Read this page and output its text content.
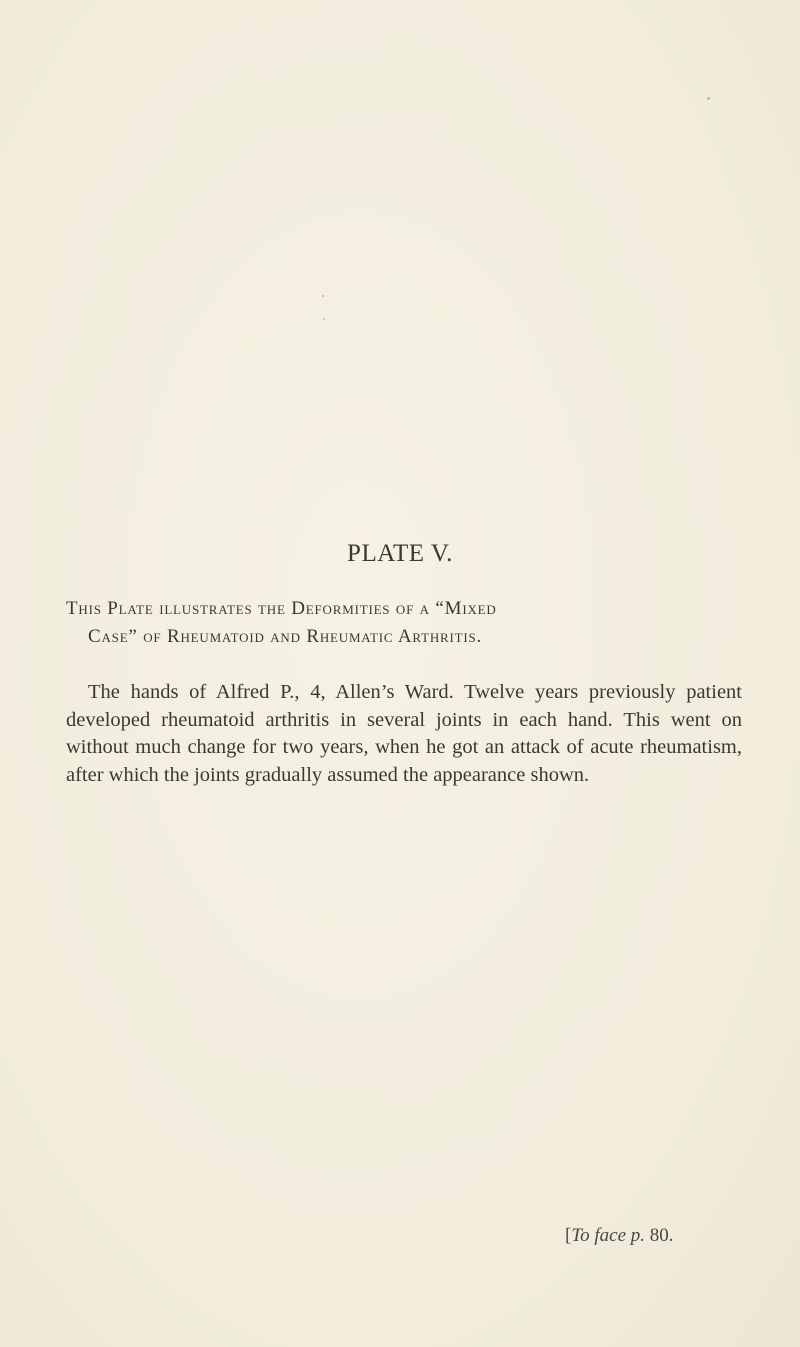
PLATE V.

This Plate illustrates the Deformities of a “Mixed
Case” of Rheumatoid and Rheumatic Arthritis.

The hands of Alfred P., 4, Allen’s Ward. Twelve years previously patient developed rheumatoid arthritis in several joints in each hand. This went on without much change for two years, when he got an attack of acute rheumatism, after which the joints gradually assumed the appearance shown.

[To face p. 80.
